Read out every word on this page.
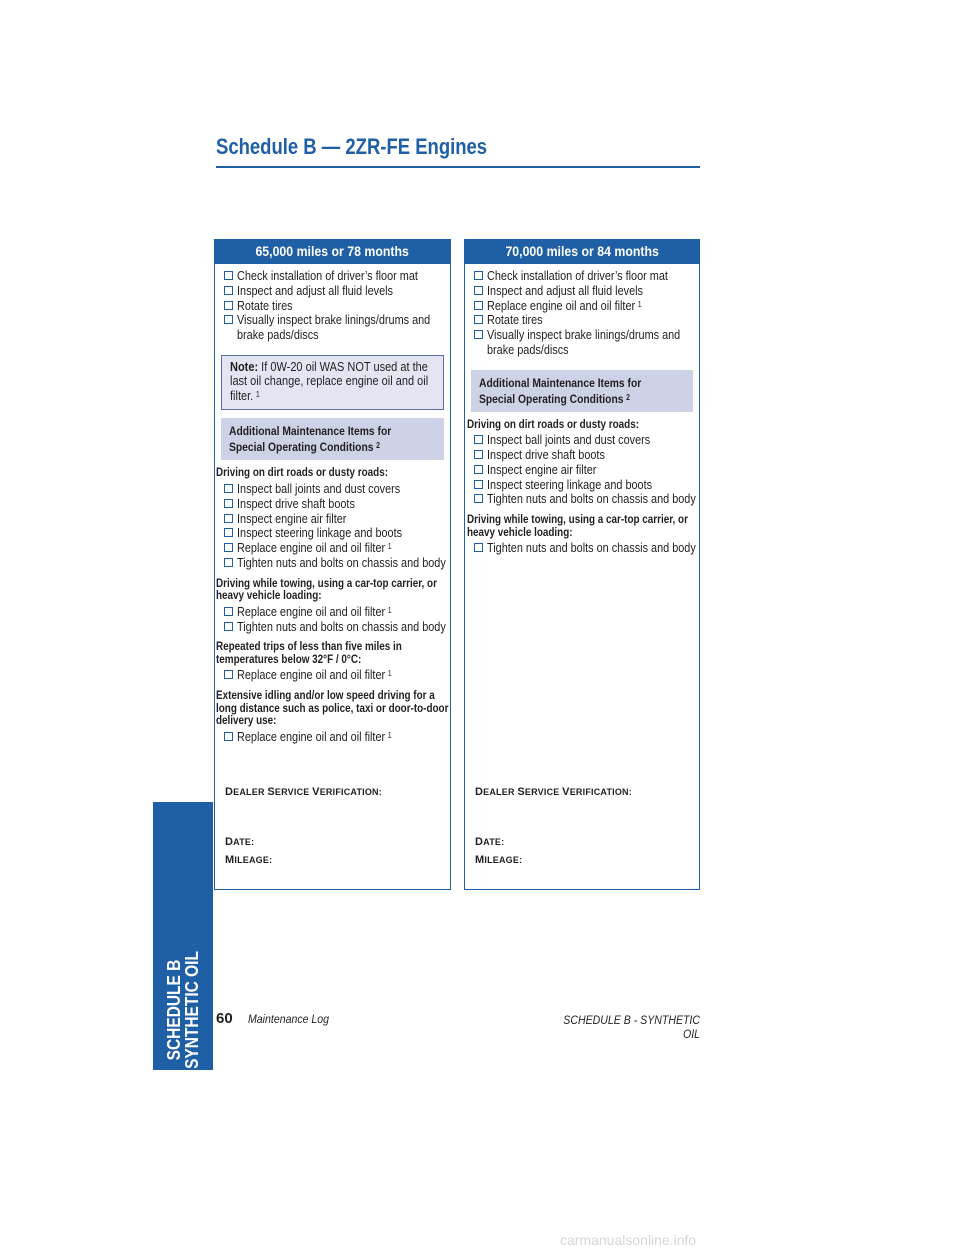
Schedule B — 2ZR-FE Engines
65,000 miles or 78 months
Check installation of driver’s floor mat
Inspect and adjust all fluid levels
Rotate tires
Visually inspect brake linings/drums and brake pads/discs
Note: If 0W-20 oil WAS NOT used at the last oil change, replace engine oil and oil filter. $^1$
Additional Maintenance Items for
Special Operating Conditions $^2$
Driving on dirt roads or dusty roads:
Inspect ball joints and dust covers
Inspect drive shaft boots
Inspect engine air filter
Inspect steering linkage and boots
Replace engine oil and oil filter $^1$
Tighten nuts and bolts on chassis and body
Driving while towing, using a car-top carrier, or heavy vehicle loading:
Replace engine oil and oil filter $^1$
Tighten nuts and bolts on chassis and body
Repeated trips of less than five miles in temperatures below 32°F / 0°C:
Replace engine oil and oil filter $^1$
Extensive idling and/or low speed driving for a long distance such as police, taxi or door-to-door delivery use:
Replace engine oil and oil filter $^1$
DEALER SERVICE VERIFICATION:
DATE:
MILEAGE:
70,000 miles or 84 months
Check installation of driver’s floor mat
Inspect and adjust all fluid levels
Replace engine oil and oil filter $^1$
Rotate tires
Visually inspect brake linings/drums and brake pads/discs
Additional Maintenance Items for
Special Operating Conditions $^2$
Driving on dirt roads or dusty roads:
Inspect ball joints and dust covers
Inspect drive shaft boots
Inspect engine air filter
Inspect steering linkage and boots
Tighten nuts and bolts on chassis and body
Driving while towing, using a car-top carrier, or heavy vehicle loading:
Tighten nuts and bolts on chassis and body
DEALER SERVICE VERIFICATION:
DATE:
MILEAGE:
SCHEDULE B
SYNTHETIC OIL 60 Maintenance Log	SCHEDULE B - SYNTHETIC OIL
carmanualsonline.info
